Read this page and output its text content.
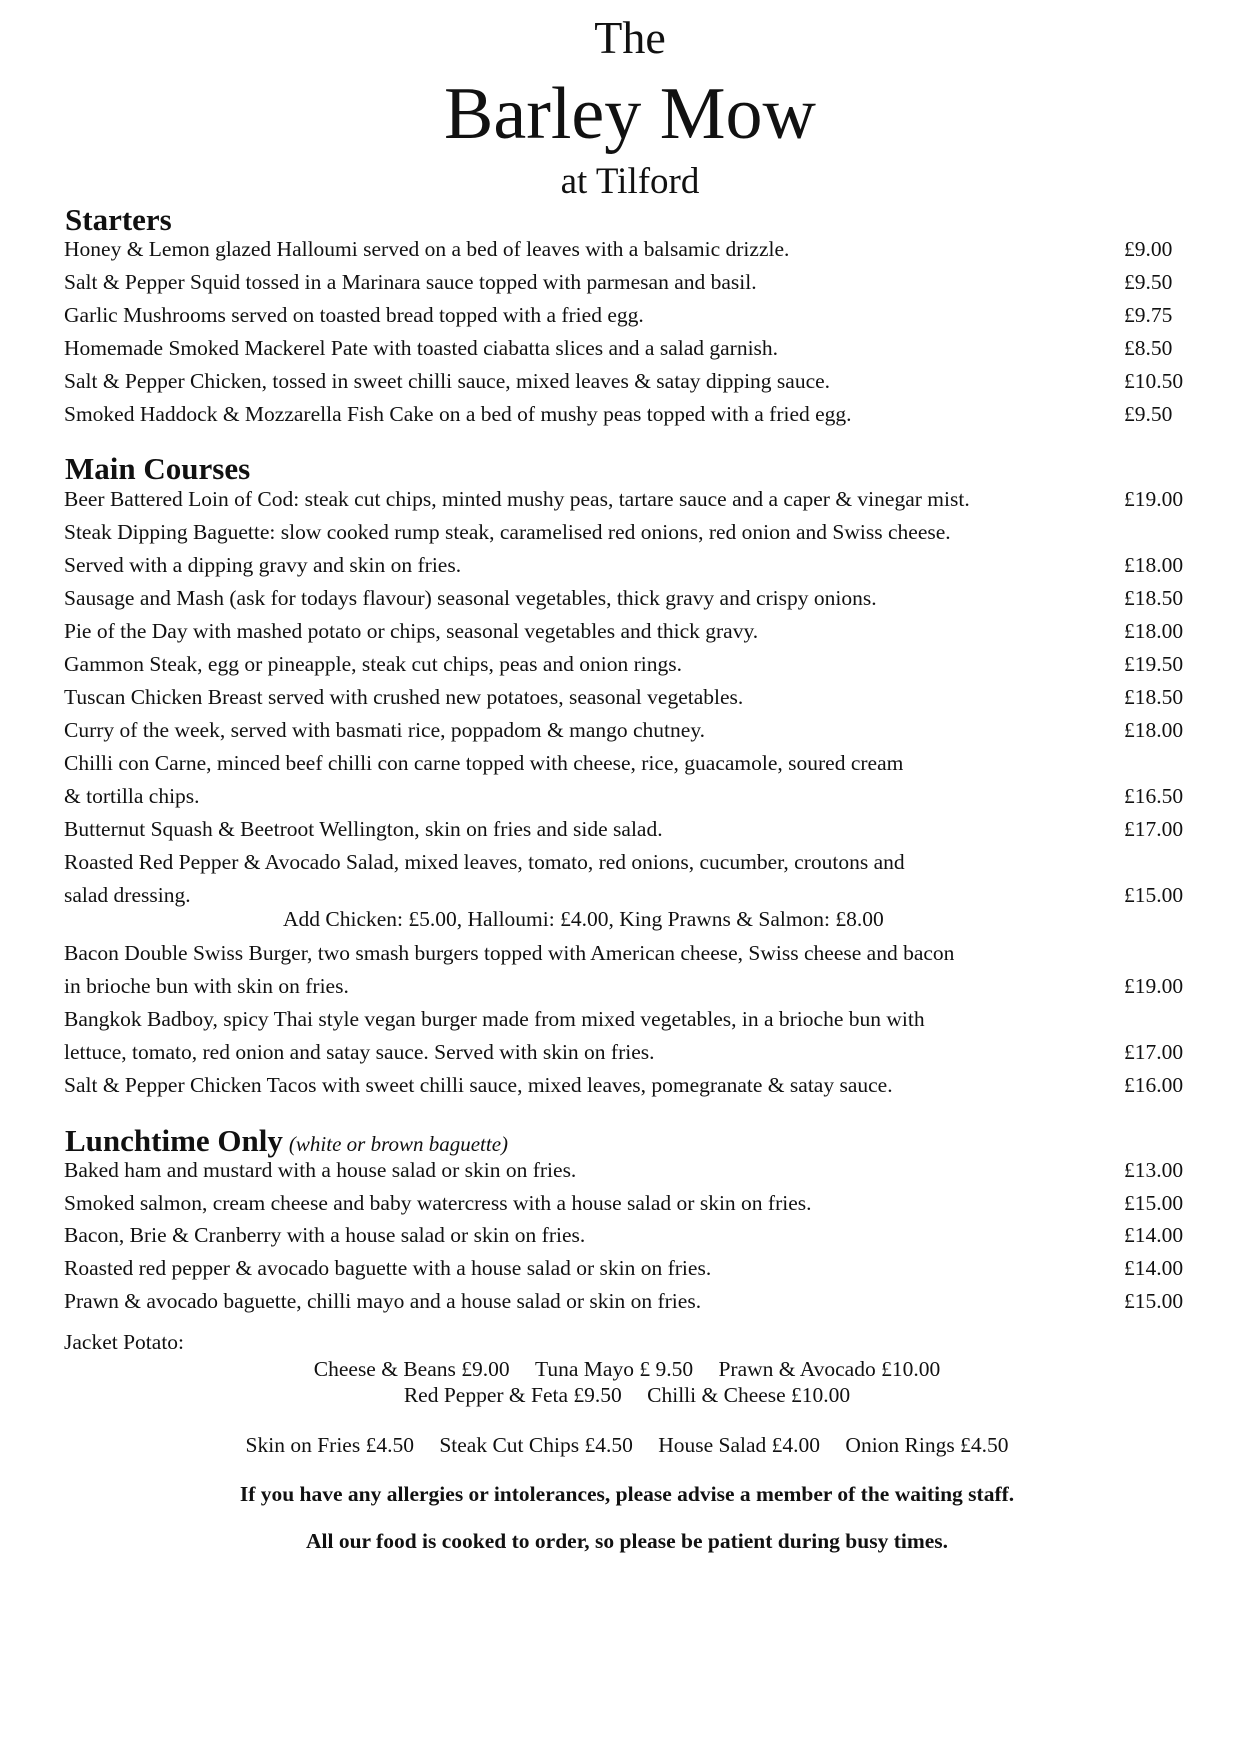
The
Barley Mow
at Tilford
Starters
Honey & Lemon glazed Halloumi served on a bed of leaves with a balsamic drizzle.	£9.00
Salt & Pepper Squid tossed in a Marinara sauce topped with parmesan and basil.	£9.50
Garlic Mushrooms served on toasted bread topped with a fried egg.	£9.75
Homemade Smoked Mackerel Pate with toasted ciabatta slices and a salad garnish.	£8.50
Salt & Pepper Chicken, tossed in sweet chilli sauce, mixed leaves & satay dipping sauce.	£10.50
Smoked Haddock & Mozzarella Fish Cake on a bed of mushy peas topped with a fried egg.	£9.50
Main Courses
Beer Battered Loin of Cod: steak cut chips, minted mushy peas, tartare sauce and a caper & vinegar mist.	£19.00
Steak Dipping Baguette: slow cooked rump steak, caramelised red onions, red onion and Swiss cheese.
Served with a dipping gravy and skin on fries.	£18.00
Sausage and Mash (ask for todays flavour) seasonal vegetables, thick gravy and crispy onions.	£18.50
Pie of the Day with mashed potato or chips, seasonal vegetables and thick gravy.	£18.00
Gammon Steak, egg or pineapple, steak cut chips, peas and onion rings.	£19.50
Tuscan Chicken Breast served with crushed new potatoes, seasonal vegetables.	£18.50
Curry of the week, served with basmati rice, poppadom & mango chutney.	£18.00
Chilli con Carne, minced beef chilli con carne topped with cheese, rice, guacamole, soured cream
& tortilla chips.	£16.50
Butternut Squash & Beetroot Wellington, skin on fries and side salad.	£17.00
Roasted Red Pepper & Avocado Salad, mixed leaves, tomato, red onions, cucumber, croutons and
salad dressing.	£15.00
Add Chicken: £5.00, Halloumi: £4.00, King Prawns & Salmon: £8.00
Bacon Double Swiss Burger, two smash burgers topped with American cheese, Swiss cheese and bacon
in brioche bun with skin on fries.	£19.00
Bangkok Badboy, spicy Thai style vegan burger made from mixed vegetables, in a brioche bun with
lettuce, tomato, red onion and satay sauce. Served with skin on fries.	£17.00
Salt & Pepper Chicken Tacos with sweet chilli sauce, mixed leaves, pomegranate & satay sauce.	£16.00
Lunchtime Only (white or brown baguette)
Baked ham and mustard with a house salad or skin on fries.	£13.00
Smoked salmon, cream cheese and baby watercress with a house salad or skin on fries.	£15.00
Bacon, Brie & Cranberry with a house salad or skin on fries.	£14.00
Roasted red pepper & avocado baguette with a house salad or skin on fries.	£14.00
Prawn & avocado baguette, chilli mayo and a house salad or skin on fries.	£15.00
Jacket Potato:
Cheese & Beans £9.00 Tuna Mayo £ 9.50 Prawn & Avocado £10.00
Red Pepper & Feta £9.50 Chilli & Cheese £10.00
Skin on Fries £4.50 Steak Cut Chips £4.50 House Salad £4.00 Onion Rings £4.50
If you have any allergies or intolerances, please advise a member of the waiting staff.
All our food is cooked to order, so please be patient during busy times.
